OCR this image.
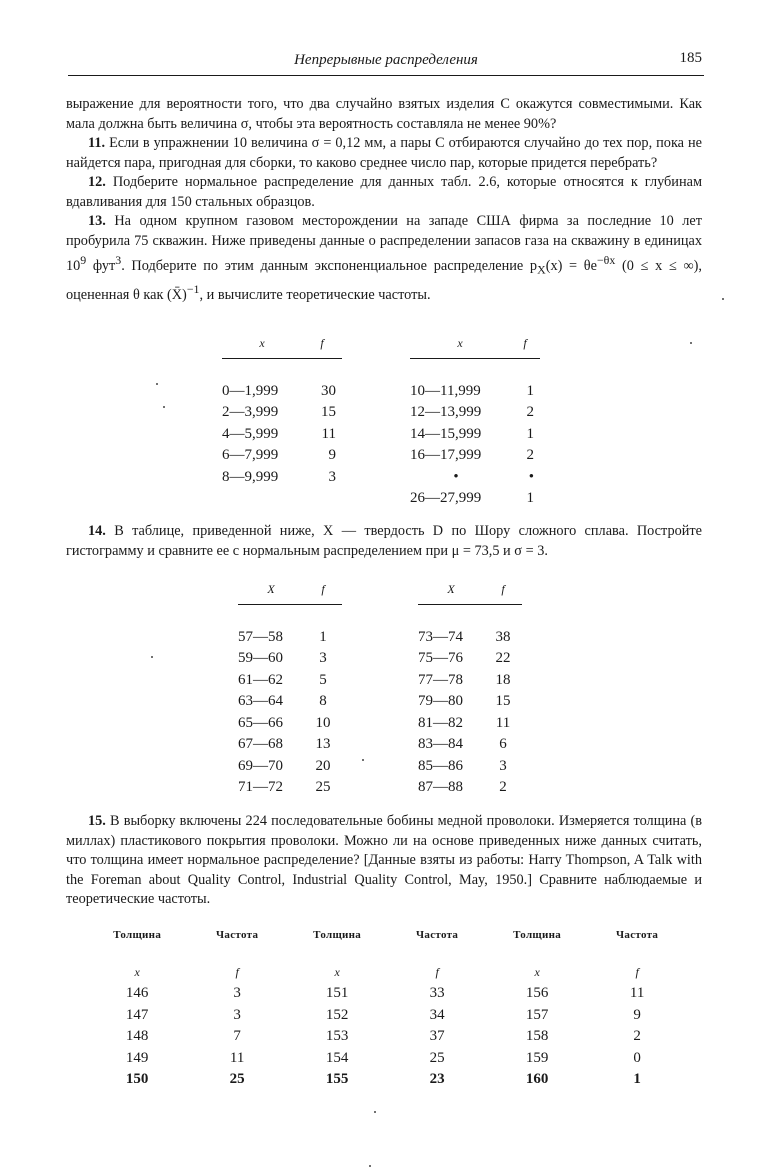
Непрерывные распределения	185

выражение для вероятности того, что два случайно взятых изделия C окажутся совместимыми. Как мала должна быть величина σ, чтобы эта вероятность составляла не менее 90%?

11. Если в упражнении 10 величина σ = 0,12 мм, а пары C отбираются случайно до тех пор, пока не найдется пара, пригодная для сборки, то каково среднее число пар, которые придется перебрать?

12. Подберите нормальное распределение для данных табл. 2.6, которые относятся к глубинам вдавливания для 150 стальных образцов.

13. На одном крупном газовом месторождении на западе США фирма за последние 10 лет пробурила 75 скважин. Ниже приведены данные о распределении запасов газа на скважину в единицах $10^9$ фут$^3$. Подберите по этим данным экспоненциальное распределение $p_X(x) = \theta e^{-\theta x}$ (0 ≤ x ≤ ∞), оцененная θ как (X̄)$^{-1}$, и вычислите теоретические частоты.

x	f

0—1,999	30
2—3,999	15
4—5,999	11
6—7,999	9
8—9,999	3
x	f

10—11,999	1
12—13,999	2
14—15,999	1
16—17,999	2
•	•
26—27,999	1

14. В таблице, приведенной ниже, X — твердость D по Шору сложного сплава. Постройте гистограмму и сравните ее с нормальным распределением при μ = 73,5 и σ = 3.

X	f

57—58	1
59—60	3
61—62	5
63—64	8
65—66	10
67—68	13
69—70	20
71—72	25
X	f

73—74	38
75—76	22
77—78	18
79—80	15
81—82	11
83—84	6
85—86	3
87—88	2

15. В выборку включены 224 последовательные бобины медной проволоки. Измеряется толщина (в миллах) пластикового покрытия проволоки. Можно ли на основе приведенных ниже данных считать, что толщина имеет нормальное распределение? [Данные взяты из работы: Harry Thompson, A Talk with the Foreman about Quality Control, Industrial Quality Control, May, 1950.] Сравните наблюдаемые и теоретические частоты.

Толщина	Частота	Толщина	Частота	Толщина	Частота
x	f	x	f	x	f
146	3	151	33	156	11
147	3	152	34	157	9
148	7	153	37	158	2
149	11	154	25	159	0
150	25	155	23	160	1
